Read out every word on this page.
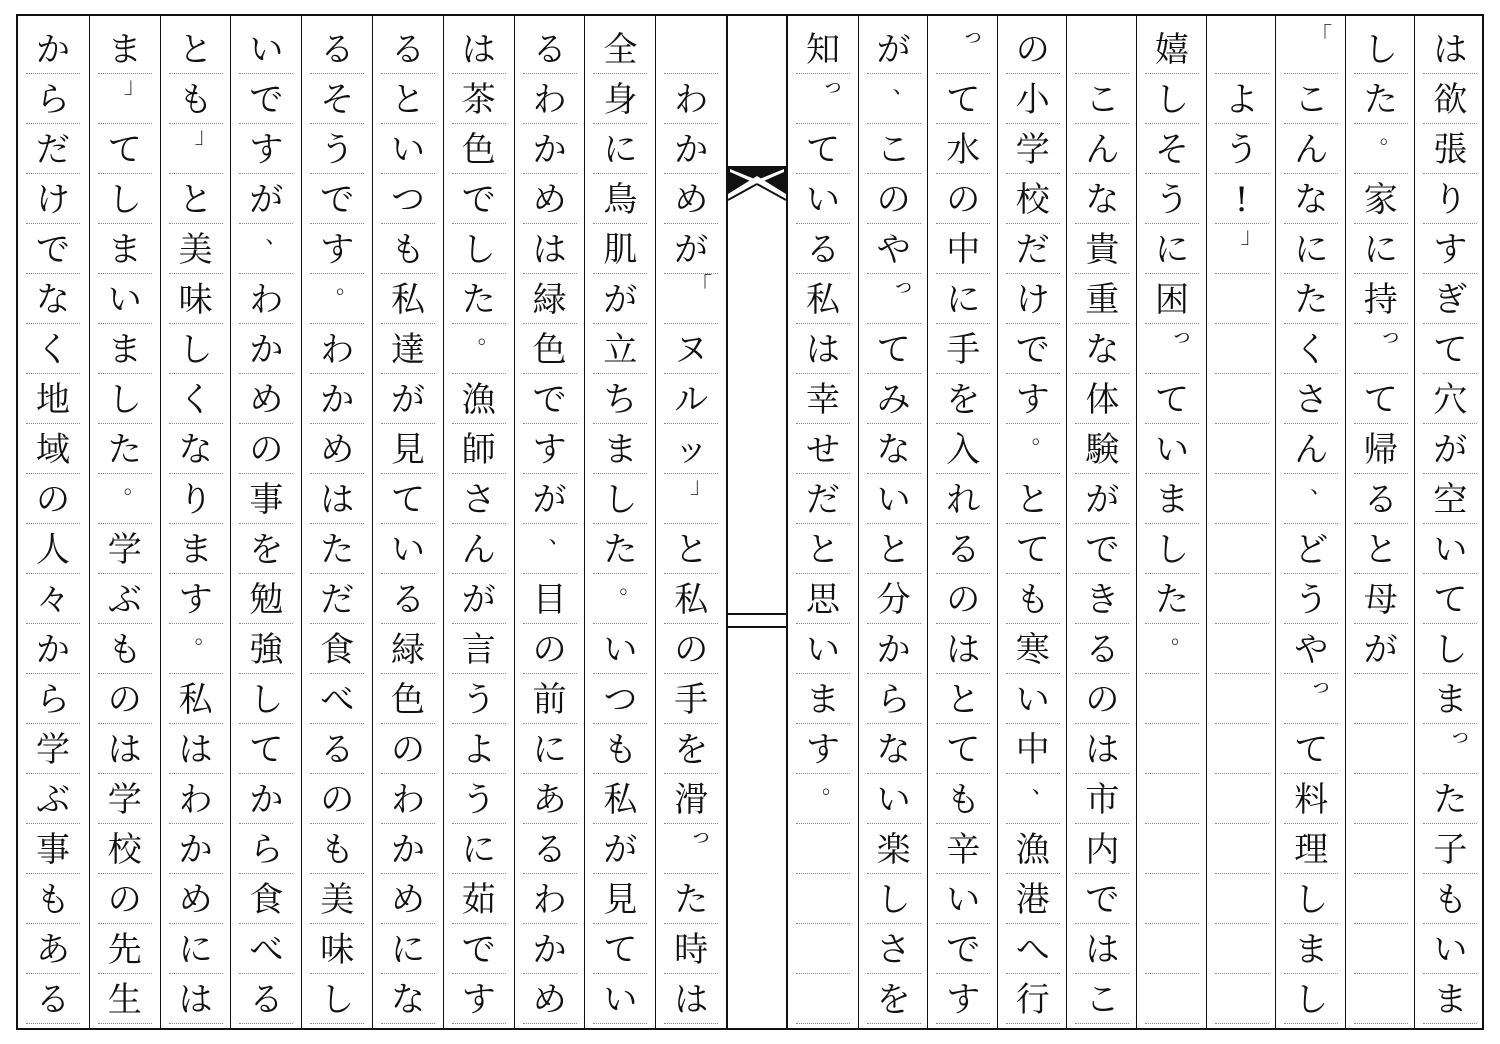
か
ら
だ
け
で
な
く
地
域
の
人
々
か
ら
学
ぶ
事
も
あ
る
ま
」
て
し
ま
い
ま
し
た
。
学
ぶ
も
の
は
学
校
の
先
生
と
も
」
と
美
味
し
く
な
り
ま
す
。
私
は
わ
か
め
に
は
い
で
す
が
、
わ
か
め
の
事
を
勉
強
し
て
か
ら
食
べ
る
る
そ
う
で
す
。
わ
か
め
は
た
だ
食
べ
る
の
も
美
味
し
る
と
い
つ
も
私
達
が
見
て
い
る
緑
色
の
わ
か
め
に
な
は
茶
色
で
し
た
。
漁
師
さ
ん
が
言
う
よ
う
に
茹
で
す
る
わ
か
め
は
緑
色
で
す
が
、
目
の
前
に
あ
る
わ
か
め
全
身
に
鳥
肌
が
立
ち
ま
し
た
。
い
つ
も
私
が
見
て
い
わ
か
め
が
「
ヌ
ル
ッ
」
と
私
の
手
を
滑
っ
た
時
は
知
っ
て
い
る
私
は
幸
せ
だ
と
思
い
ま
す
。
が
、
こ
の
や
っ
て
み
な
い
と
分
か
ら
な
い
楽
し
さ
を
っ
て
水
の
中
に
手
を
入
れ
る
の
は
と
て
も
辛
い
で
す
の
小
学
校
だ
け
で
す
。
と
て
も
寒
い
中
、
漁
港
へ
行
こ
ん
な
貴
重
な
体
験
が
で
き
る
の
は
市
内
で
は
こ
嬉
し
そ
う
に
困
っ
て
い
ま
し
た
。
よ
う
!
」
「
こ
ん
な
に
た
く
さ
ん
、
ど
う
や
っ
て
料
理
し
ま
し
し
た
。
家
に
持
っ
て
帰
る
と
母
が
は
欲
張
り
す
ぎ
て
穴
が
空
い
て
し
ま
っ
た
子
も
い
ま
